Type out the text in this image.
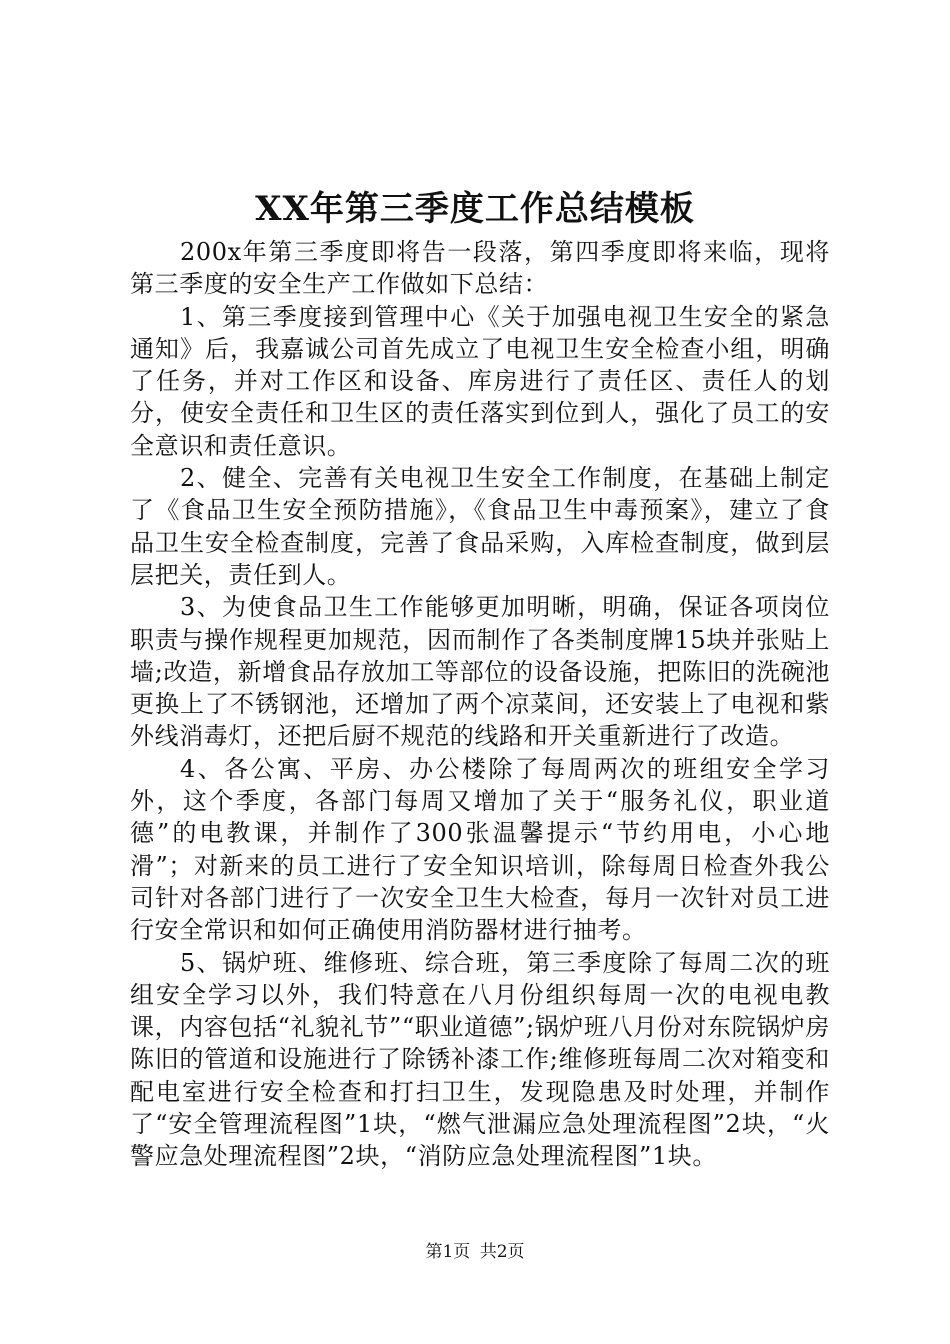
XX年第三季度工作总结模板

200x年第三季度即将告一段落，第四季度即将来临，现将第三季度的安全生产工作做如下总结：

1、第三季度接到管理中心《关于加强电视卫生安全的紧急通知》后，我嘉诚公司首先成立了电视卫生安全检查小组，明确了任务，并对工作区和设备、库房进行了责任区、责任人的划分，使安全责任和卫生区的责任落实到位到人，强化了员工的安全意识和责任意识。

2、健全、完善有关电视卫生安全工作制度，在基础上制定了《食品卫生安全预防措施》，《食品卫生中毒预案》，建立了食品卫生安全检查制度，完善了食品采购，入库检查制度，做到层层把关，责任到人。

3、为使食品卫生工作能够更加明晰，明确，保证各项岗位职责与操作规程更加规范，因而制作了各类制度牌15块并张贴上墙;改造，新增食品存放加工等部位的设备设施，把陈旧的洗碗池更换上了不锈钢池，还增加了两个凉菜间，还安装上了电视和紫外线消毒灯，还把后厨不规范的线路和开关重新进行了改造。

4、各公寓、平房、办公楼除了每周两次的班组安全学习外，这个季度，各部门每周又增加了关于“服务礼仪，职业道德”的电教课，并制作了300张温馨提示“节约用电，小心地滑”；对新来的员工进行了安全知识培训，除每周日检查外我公司针对各部门进行了一次安全卫生大检查，每月一次针对员工进行安全常识和如何正确使用消防器材进行抽考。

5、锅炉班、维修班、综合班，第三季度除了每周二次的班组安全学习以外，我们特意在八月份组织每周一次的电视电教课，内容包括“礼貌礼节”“职业道德”;锅炉班八月份对东院锅炉房陈旧的管道和设施进行了除锈补漆工作;维修班每周二次对箱变和配电室进行安全检查和打扫卫生，发现隐患及时处理，并制作了“安全管理流程图”1块，“燃气泄漏应急处理流程图”2块，“火警应急处理流程图”2块，“消防应急处理流程图”1块。

第1页 共2页
